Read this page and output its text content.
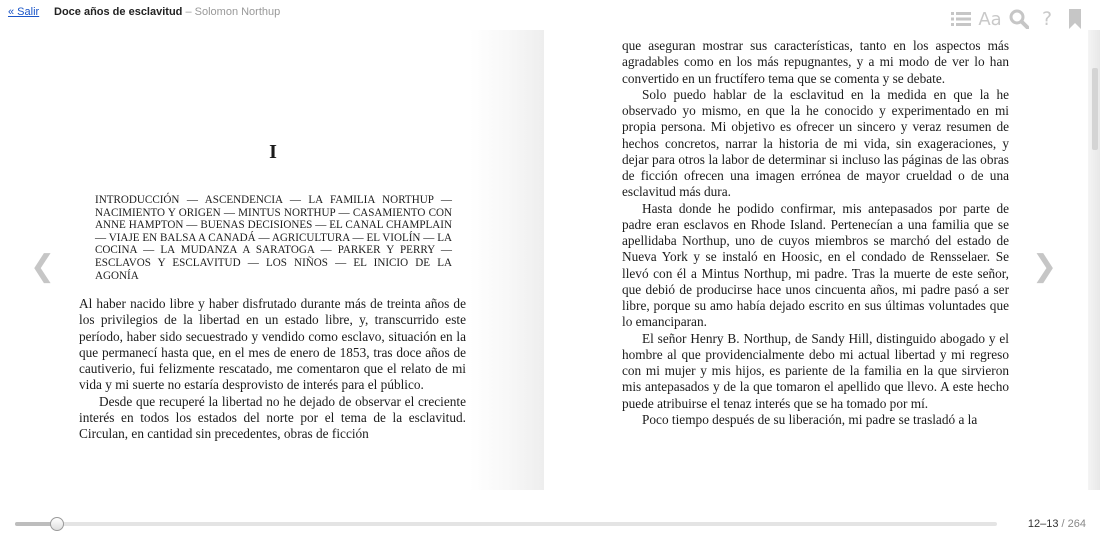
« Salir Doce años de esclavitud – Solomon Northup	Aa	?
❮	❯
I

INTRODUCCIÓN — ASCENDENCIA — LA FAMILIA NORTHUP — NACIMIENTO Y ORIGEN — MINTUS NORTHUP — CASAMIENTO CON ANNE HAMPTON — BUENAS DECISIONES — EL CANAL CHAMPLAIN — VIAJE EN BALSA A CANADÁ — AGRICULTURA — EL VIOLÍN — LA COCINA — LA MUDANZA A SARATOGA — PARKER Y PERRY — ESCLAVOS Y ESCLAVITUD — LOS NIÑOS — EL INICIO DE LA AGONÍA

Al haber nacido libre y haber disfrutado durante más de treinta años de los privilegios de la libertad en un estado libre, y, transcurrido este período, haber sido secuestrado y vendido como esclavo, situación en la que permanecí hasta que, en el mes de enero de 1853, tras doce años de cautiverio, fui felizmente rescatado, me comentaron que el relato de mi vida y mi suerte no estaría desprovisto de interés para el público.

Desde que recuperé la libertad no he dejado de observar el creciente interés en todos los estados del norte por el tema de la esclavitud. Circulan, en cantidad sin precedentes, obras de ficción

que aseguran mostrar sus características, tanto en los aspectos más agradables como en los más repugnantes, y a mi modo de ver lo han convertido en un fructífero tema que se comenta y se debate.

Solo puedo hablar de la esclavitud en la medida en que la he observado yo mismo, en que la he conocido y experimentado en mi propia persona. Mi objetivo es ofrecer un sincero y veraz resumen de hechos concretos, narrar la historia de mi vida, sin exageraciones, y dejar para otros la labor de determinar si incluso las páginas de las obras de ficción ofrecen una imagen errónea de mayor crueldad o de una esclavitud más dura.

Hasta donde he podido confirmar, mis antepasados por parte de padre eran esclavos en Rhode Island. Pertenecían a una familia que se apellidaba Northup, uno de cuyos miembros se marchó del estado de Nueva York y se instaló en Hoosic, en el condado de Rensselaer. Se llevó con él a Mintus Northup, mi padre. Tras la muerte de este señor, que debió de producirse hace unos cincuenta años, mi padre pasó a ser libre, porque su amo había dejado escrito en sus últimas voluntades que lo emanciparan.

El señor Henry B. Northup, de Sandy Hill, distinguido abogado y el hombre al que providencialmente debo mi actual libertad y mi regreso con mi mujer y mis hijos, es pariente de la familia en la que sirvieron mis antepasados y de la que tomaron el apellido que llevo. A este hecho puede atribuirse el tenaz interés que se ha tomado por mí.

Poco tiempo después de su liberación, mi padre se trasladó a la

12–13 / 264
